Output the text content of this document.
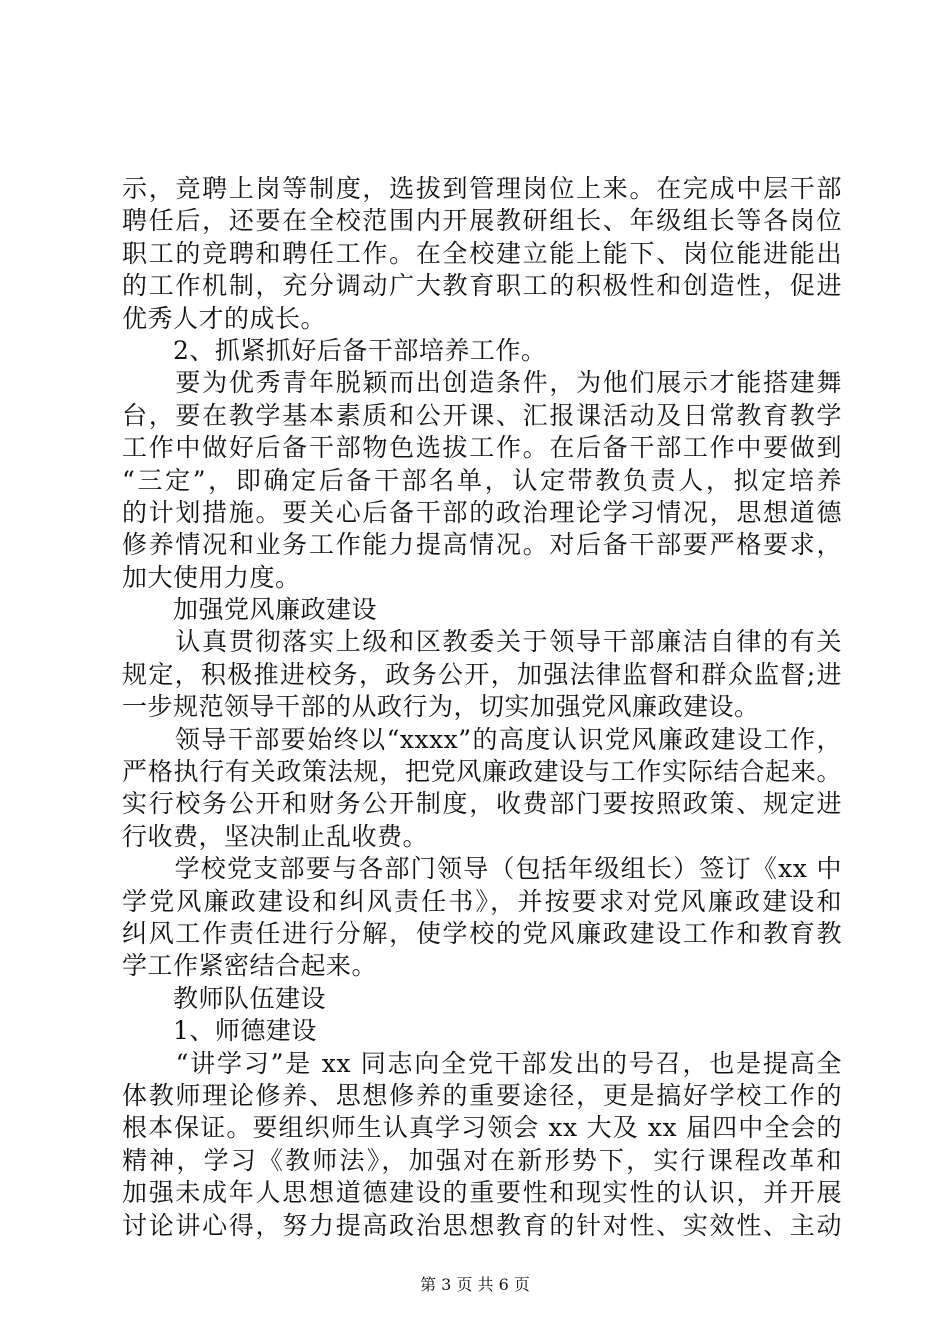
示，竞聘上岗等制度，选拔到管理岗位上来。在完成中层干部
聘任后，还要在全校范围内开展教研组长、年级组长等各岗位
职工的竞聘和聘任工作。在全校建立能上能下、岗位能进能出
的工作机制，充分调动广大教育职工的积极性和创造性，促进
优秀人才的成长。
　　2、抓紧抓好后备干部培养工作。
　　要为优秀青年脱颖而出创造条件，为他们展示才能搭建舞
台，要在教学基本素质和公开课、汇报课活动及日常教育教学
工作中做好后备干部物色选拔工作。在后备干部工作中要做到
“三定”，即确定后备干部名单，认定带教负责人，拟定培养
的计划措施。要关心后备干部的政治理论学习情况，思想道德
修养情况和业务工作能力提高情况。对后备干部要严格要求，
加大使用力度。
　　加强党风廉政建设
　　认真贯彻落实上级和区教委关于领导干部廉洁自律的有关
规定，积极推进校务，政务公开，加强法律监督和群众监督;进
一步规范领导干部的从政行为，切实加强党风廉政建设。
　　领导干部要始终以“xxxx”的高度认识党风廉政建设工作，
严格执行有关政策法规，把党风廉政建设与工作实际结合起来。
实行校务公开和财务公开制度，收费部门要按照政策、规定进
行收费，坚决制止乱收费。
　　学校党支部要与各部门领导（包括年级组长）签订《xx 中
学党风廉政建设和纠风责任书》，并按要求对党风廉政建设和
纠风工作责任进行分解，使学校的党风廉政建设工作和教育教
学工作紧密结合起来。
　　教师队伍建设
　　1、师德建设
　　“讲学习”是 xx 同志向全党干部发出的号召，也是提高全
体教师理论修养、思想修养的重要途径，更是搞好学校工作的
根本保证。要组织师生认真学习领会 xx 大及 xx 届四中全会的
精神，学习《教师法》，加强对在新形势下，实行课程改革和
加强未成年人思想道德建设的重要性和现实性的认识，并开展
讨论讲心得，努力提高政治思想教育的针对性、实效性、主动
第 3 页 共 6 页
